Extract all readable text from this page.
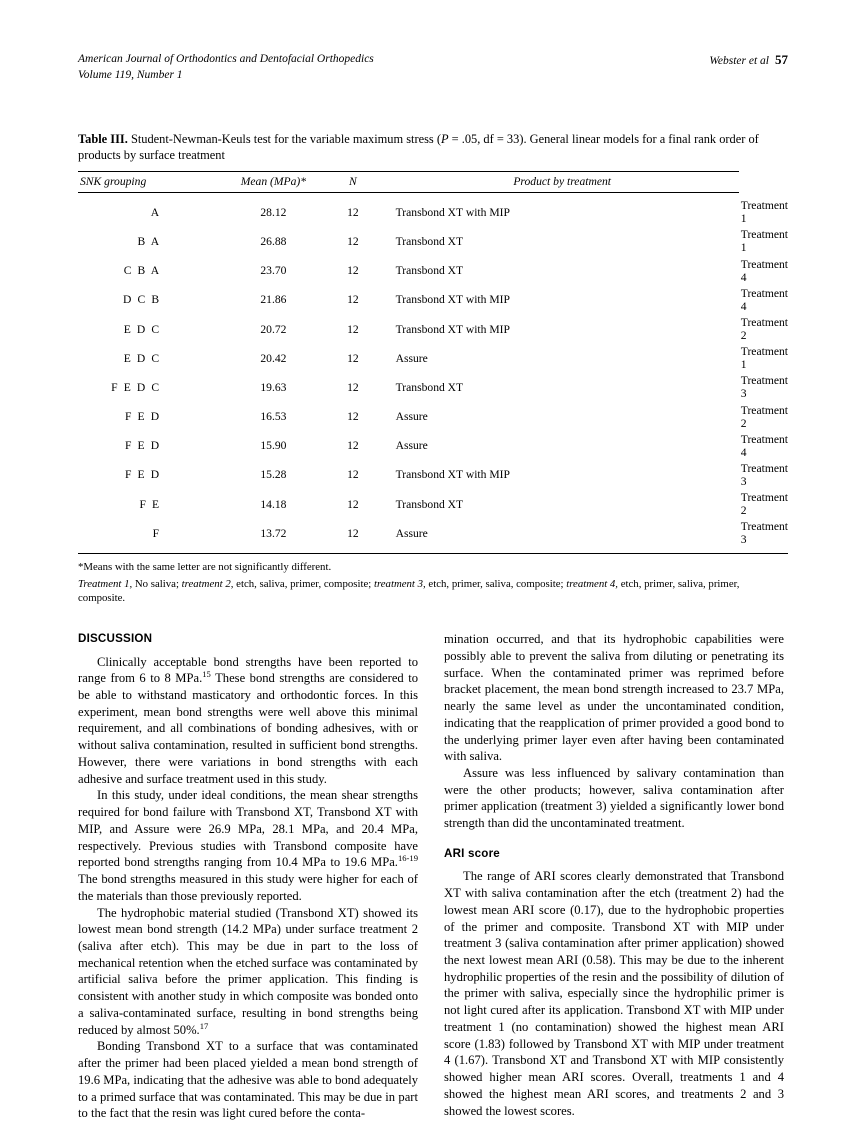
American Journal of Orthodontics and Dentofacial Orthopedics
Volume 119, Number 1
Webster et al 57
Table III. Student-Newman-Keuls test for the variable maximum stress (P = .05, df = 33). General linear models for a final rank order of products by surface treatment
SNK grouping	Mean (MPa)*	N	Product by treatment	
A	28.12	12	Transbond XT with MIP	Treatment 1
B A	26.88	12	Transbond XT	Treatment 1
C B A	23.70	12	Transbond XT	Treatment 4
D C B	21.86	12	Transbond XT with MIP	Treatment 4
E D C	20.72	12	Transbond XT with MIP	Treatment 2
E D C	20.42	12	Assure	Treatment 1
F E D C	19.63	12	Transbond XT	Treatment 3
F E D	16.53	12	Assure	Treatment 2
F E D	15.90	12	Assure	Treatment 4
F E D	15.28	12	Transbond XT with MIP	Treatment 3
F E	14.18	12	Transbond XT	Treatment 2
F	13.72	12	Assure	Treatment 3
*Means with the same letter are not significantly different.
Treatment 1, No saliva; treatment 2, etch, saliva, primer, composite; treatment 3, etch, primer, saliva, composite; treatment 4, etch, primer, saliva, primer, composite.
DISCUSSION

Clinically acceptable bond strengths have been reported to range from 6 to 8 MPa.$^{15}$ These bond strengths are considered to be able to withstand masticatory and orthodontic forces. In this experiment, mean bond strengths were well above this minimal requirement, and all combinations of bonding adhesives, with or without saliva contamination, resulted in sufficient bond strengths. However, there were variations in bond strengths with each adhesive and surface treatment used in this study.

In this study, under ideal conditions, the mean shear strengths required for bond failure with Transbond XT, Transbond XT with MIP, and Assure were 26.9 MPa, 28.1 MPa, and 20.4 MPa, respectively. Previous studies with Transbond composite have reported bond strengths ranging from 10.4 MPa to 19.6 MPa.$^{16-19}$ The bond strengths measured in this study were higher for each of the materials than those previously reported.

The hydrophobic material studied (Transbond XT) showed its lowest mean bond strength (14.2 MPa) under surface treatment 2 (saliva after etch). This may be due in part to the loss of mechanical retention when the etched surface was contaminated by artificial saliva before the primer application. This finding is consistent with another study in which composite was bonded onto a saliva-contaminated surface, resulting in bond strengths being reduced by almost 50%.$^{17}$

Bonding Transbond XT to a surface that was contaminated after the primer had been placed yielded a mean bond strength of 19.6 MPa, indicating that the adhesive was able to bond adequately to a primed surface that was contaminated. This may be due in part to the fact that the resin was light cured before the conta-

mination occurred, and that its hydrophobic capabilities were possibly able to prevent the saliva from diluting or penetrating its surface. When the contaminated primer was reprimed before bracket placement, the mean bond strength increased to 23.7 MPa, nearly the same level as under the uncontaminated condition, indicating that the reapplication of primer provided a good bond to the underlying primer layer even after having been contaminated with saliva.

Assure was less influenced by salivary contamination than were the other products; however, saliva contamination after primer application (treatment 3) yielded a significantly lower bond strength than did the uncontaminated treatment.

ARI score

The range of ARI scores clearly demonstrated that Transbond XT with saliva contamination after the etch (treatment 2) had the lowest mean ARI score (0.17), due to the hydrophobic properties of the primer and composite. Transbond XT with MIP under treatment 3 (saliva contamination after primer application) showed the next lowest mean ARI (0.58). This may be due to the inherent hydrophilic properties of the resin and the possibility of dilution of the primer with saliva, especially since the hydrophilic primer is not light cured after its application. Transbond XT with MIP under treatment 1 (no contamination) showed the highest mean ARI score (1.83) followed by Transbond XT with MIP under treatment 4 (1.67). Transbond XT and Transbond XT with MIP consistently showed higher mean ARI scores. Overall, treatments 1 and 4 showed the highest mean ARI scores, and treatments 2 and 3 showed the lowest scores.
